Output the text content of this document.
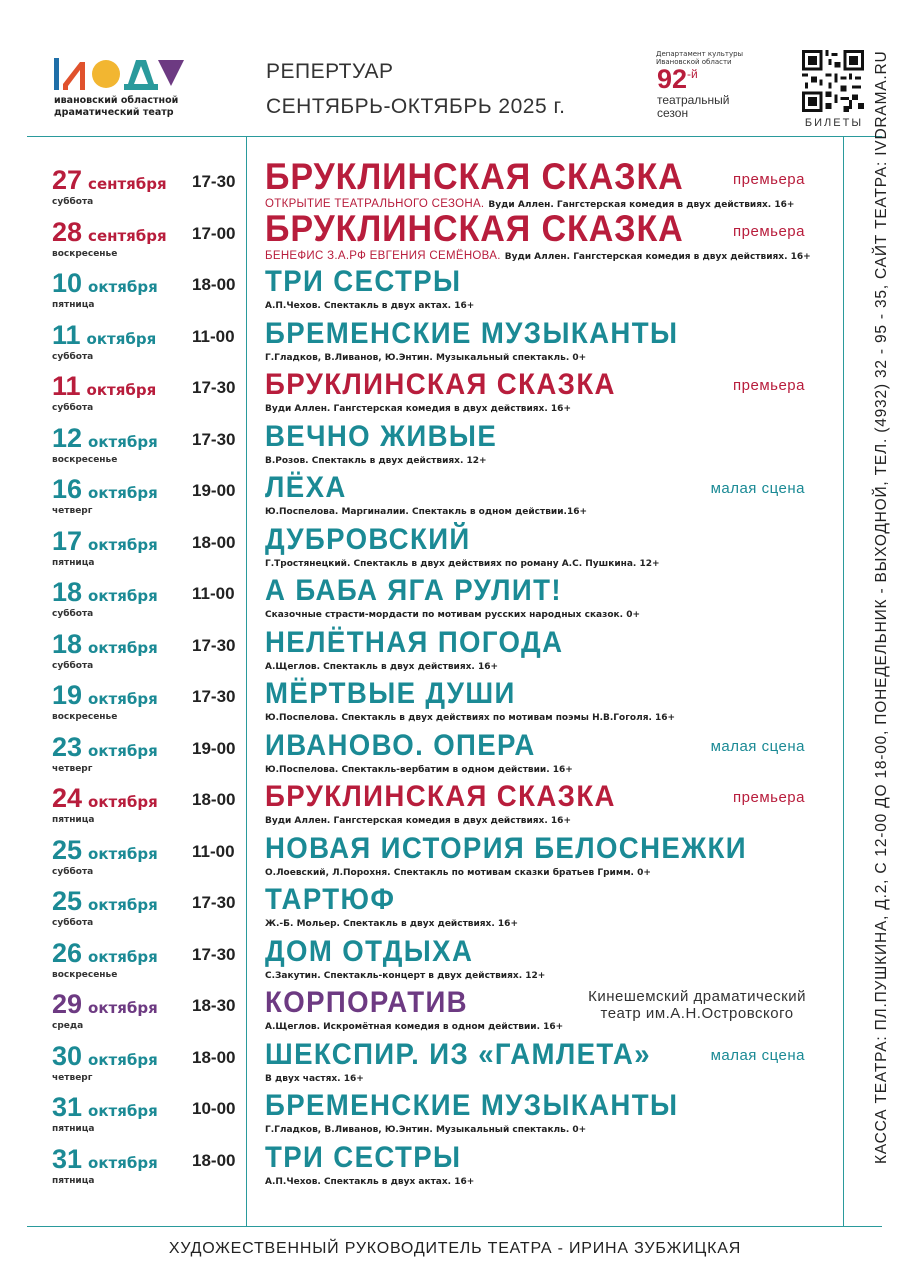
ивановский областной
драматический театр
РЕПЕРТУАР
СЕНТЯБРЬ-ОКТЯБРЬ 2025 г.
Департамент культуры
Ивановской области
$92^{-й}$
театральный
сезон
БИЛЕТЫ
27 сентября
суббота
17-30 БРУКЛИНСКАЯ СКАЗКА
ОТКРЫТИЕ ТЕАТРАЛЬНОГО СЕЗОНА. Вуди Аллен. Гангстерская комедия в двух действиях. 16+
премьера
28 сентября
воскресенье
17-00 БРУКЛИНСКАЯ СКАЗКА
БЕНЕФИС З.А.РФ ЕВГЕНИЯ СЕМЁНОВА. Вуди Аллен. Гангстерская комедия в двух действиях. 16+
премьера
10 октября
пятница
18-00 ТРИ СЕСТРЫ
А.П.Чехов. Спектакль в двух актах. 16+
11 октября
суббота
11-00 БРЕМЕНСКИЕ МУЗЫКАНТЫ
Г.Гладков, В.Ливанов, Ю.Энтин. Музыкальный спектакль. 0+
11 октября
суббота
17-30 БРУКЛИНСКАЯ СКАЗКА
Вуди Аллен. Гангстерская комедия в двух действиях. 16+
премьера
12 октября
воскресенье
17-30 ВЕЧНО ЖИВЫЕ
В.Розов. Спектакль в двух действиях. 12+
16 октября
четверг
19-00 ЛЁХА
Ю.Поспелова. Маргиналии. Спектакль в одном действии.16+
малая сцена
17 октября
пятница
18-00 ДУБРОВСКИЙ
Г.Тростянецкий. Спектакль в двух действиях по роману А.С. Пушкина. 12+
18 октября
суббота
11-00 А БАБА ЯГА РУЛИТ!
Сказочные страсти-мордасти по мотивам русских народных сказок. 0+
18 октября
суббота
17-30 НЕЛЁТНАЯ ПОГОДА
А.Щеглов. Спектакль в двух действиях. 16+
19 октября
воскресенье
17-30 МЁРТВЫЕ ДУШИ
Ю.Поспелова. Спектакль в двух действиях по мотивам поэмы Н.В.Гоголя. 16+
23 октября
четверг
19-00 ИВАНОВО. ОПЕРА
Ю.Поспелова. Спектакль-вербатим в одном действии. 16+
малая сцена
24 октября
пятница
18-00 БРУКЛИНСКАЯ СКАЗКА
Вуди Аллен. Гангстерская комедия в двух действиях. 16+
премьера
25 октября
суббота
11-00 НОВАЯ ИСТОРИЯ БЕЛОСНЕЖКИ
О.Лоевский, Л.Порохня. Спектакль по мотивам сказки братьев Гримм. 0+
25 октября
суббота
17-30 ТАРТЮФ
Ж.-Б. Мольер. Спектакль в двух действиях. 16+
26 октября
воскресенье
17-30 ДОМ ОТДЫХА
С.Закутин. Спектакль-концерт в двух действиях. 12+
29 октября
среда
18-30 КОРПОРАТИВ
А.Щеглов. Искромётная комедия в одном действии. 16+
Кинешемский драматический
театр им.А.Н.Островского
30 октября
четверг
18-00 ШЕКСПИР. ИЗ «ГАМЛЕТА»
В двух частях. 16+
малая сцена
31 октября
пятница
10-00 БРЕМЕНСКИЕ МУЗЫКАНТЫ
Г.Гладков, В.Ливанов, Ю.Энтин. Музыкальный спектакль. 0+
31 октября
пятница
18-00 ТРИ СЕСТРЫ
А.П.Чехов. Спектакль в двух актах. 16+
КАССА ТЕАТРА: ПЛ.ПУШКИНА, Д.2, С 12-00 ДО 18-00, ПОНЕДЕЛЬНИК - ВЫХОДНОЙ, ТЕЛ. (4932) 32 - 95 - 35, САЙТ ТЕАТРА: IVDRAMA.RU
ХУДОЖЕСТВЕННЫЙ РУКОВОДИТЕЛЬ ТЕАТРА - ИРИНА ЗУБЖИЦКАЯ
